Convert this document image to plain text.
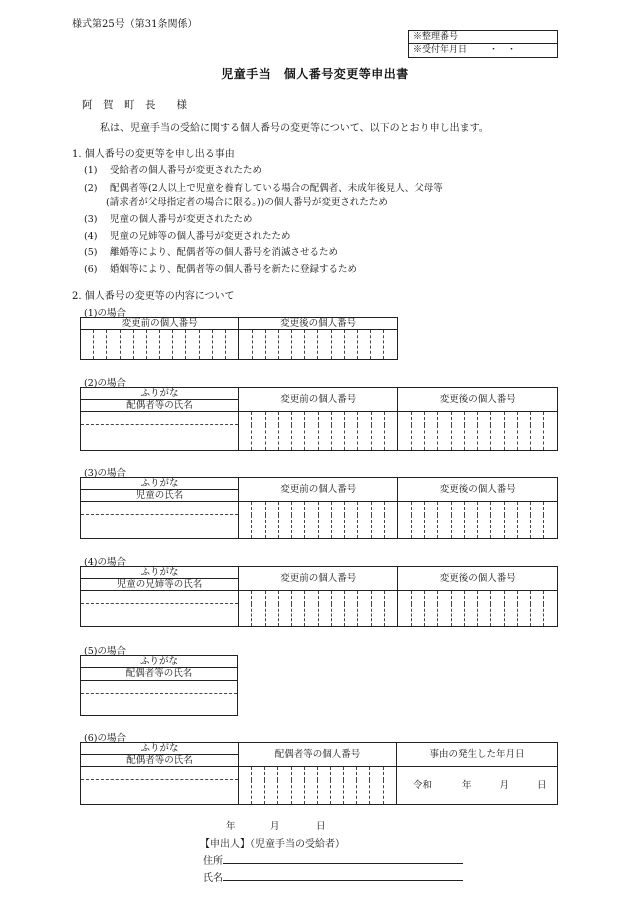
様式第25号（第31条関係）
※整理番号
※受付年月日 ・　・
児童手当　個人番号変更等申出書
阿　賀　町　長　　様
私は、児童手当の受給に関する個人番号の変更等について、以下のとおり申し出ます。
1. 個人番号の変更等を申し出る事由
(1) 受給者の個人番号が変更されたため
(2) 配偶者等(2人以上で児童を養育している場合の配偶者、未成年後見人、父母等
(請求者が父母指定者の場合に限る。))の個人番号が変更されたため
(3) 児童の個人番号が変更されたため
(4) 児童の兄姉等の個人番号が変更されたため
(5) 離婚等により、配偶者等の個人番号を消滅させるため
(6) 婚姻等により、配偶者等の個人番号を新たに登録するため
2. 個人番号の変更等の内容について
(1)の場合
変更前の個人番号												変更後の個人番号											

(2)の場合
ふりがな	変更前の個人番号												変更後の個人番号											
配偶者等の氏名																								

(3)の場合
ふりがな	変更前の個人番号												変更後の個人番号											
児童の氏名																								

(4)の場合
ふりがな	変更前の個人番号												変更後の個人番号											
児童の兄姉等の氏名																								

(5)の場合
ふりがな
配偶者等の氏名

(6)の場合
ふりがな	配偶者等の個人番号												事由の発生した年月日
配偶者等の氏名													
													令和 年 月 日

年	月	日
【申出人】（児童手当の受給者）
住所
氏名
